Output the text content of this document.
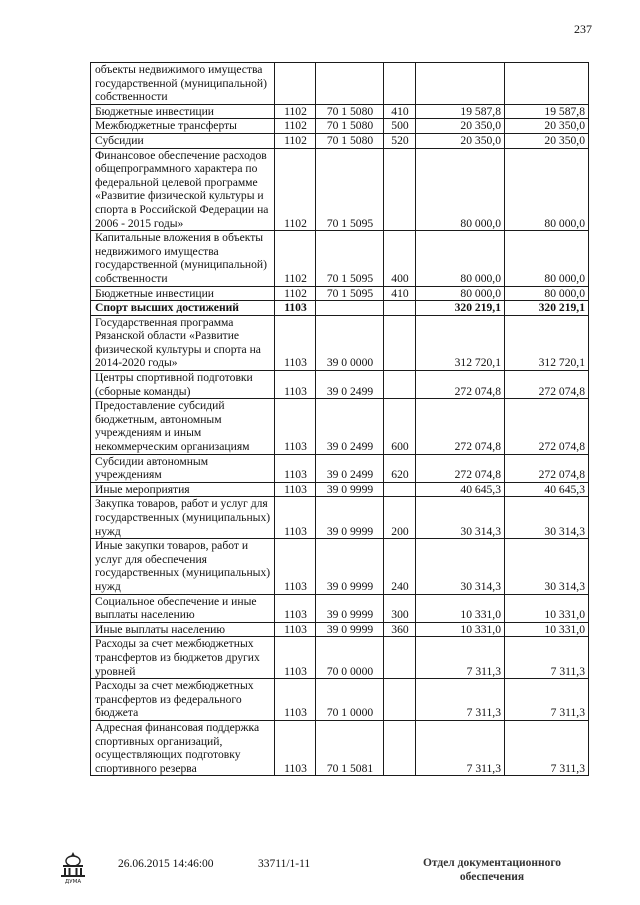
237
объекты недвижимого имущества государственной (муниципальной) собственности					
Бюджетные инвестиции	1102	70 1 5080	410	19 587,8	19 587,8
Межбюджетные трансферты	1102	70 1 5080	500	20 350,0	20 350,0
Субсидии	1102	70 1 5080	520	20 350,0	20 350,0
Финансовое обеспечение расходов общепрограммного характера по федеральной целевой программе «Развитие физической культуры и спорта в Российской Федерации на 2006 - 2015 годы»	1102	70 1 5095		80 000,0	80 000,0
Капитальные вложения в объекты недвижимого имущества государственной (муниципальной) собственности	1102	70 1 5095	400	80 000,0	80 000,0
Бюджетные инвестиции	1102	70 1 5095	410	80 000,0	80 000,0
Спорт высших достижений	1103			320 219,1	320 219,1
Государственная программа Рязанской области «Развитие физической культуры и спорта на 2014-2020 годы»	1103	39 0 0000		312 720,1	312 720,1
Центры спортивной подготовки (сборные команды)	1103	39 0 2499		272 074,8	272 074,8
Предоставление субсидий бюджетным, автономным учреждениям и иным некоммерческим организациям	1103	39 0 2499	600	272 074,8	272 074,8
Субсидии автономным учреждениям	1103	39 0 2499	620	272 074,8	272 074,8
Иные мероприятия	1103	39 0 9999		40 645,3	40 645,3
Закупка товаров, работ и услуг для государственных (муниципальных) нужд	1103	39 0 9999	200	30 314,3	30 314,3
Иные закупки товаров, работ и услуг для обеспечения государственных (муниципальных) нужд	1103	39 0 9999	240	30 314,3	30 314,3
Социальное обеспечение и иные выплаты населению	1103	39 0 9999	300	10 331,0	10 331,0
Иные выплаты населению	1103	39 0 9999	360	10 331,0	10 331,0
Расходы за счет межбюджетных трансфертов из бюджетов других уровней	1103	70 0 0000		7 311,3	7 311,3
Расходы за счет межбюджетных трансфертов из федерального бюджета	1103	70 1 0000		7 311,3	7 311,3
Адресная финансовая поддержка спортивных организаций, осуществляющих подготовку спортивного резерва	1103	70 1 5081		7 311,3	7 311,3
ДУМА
26.06.2015 14:46:00	33711/1-11	Отдел документационного обеспечения
